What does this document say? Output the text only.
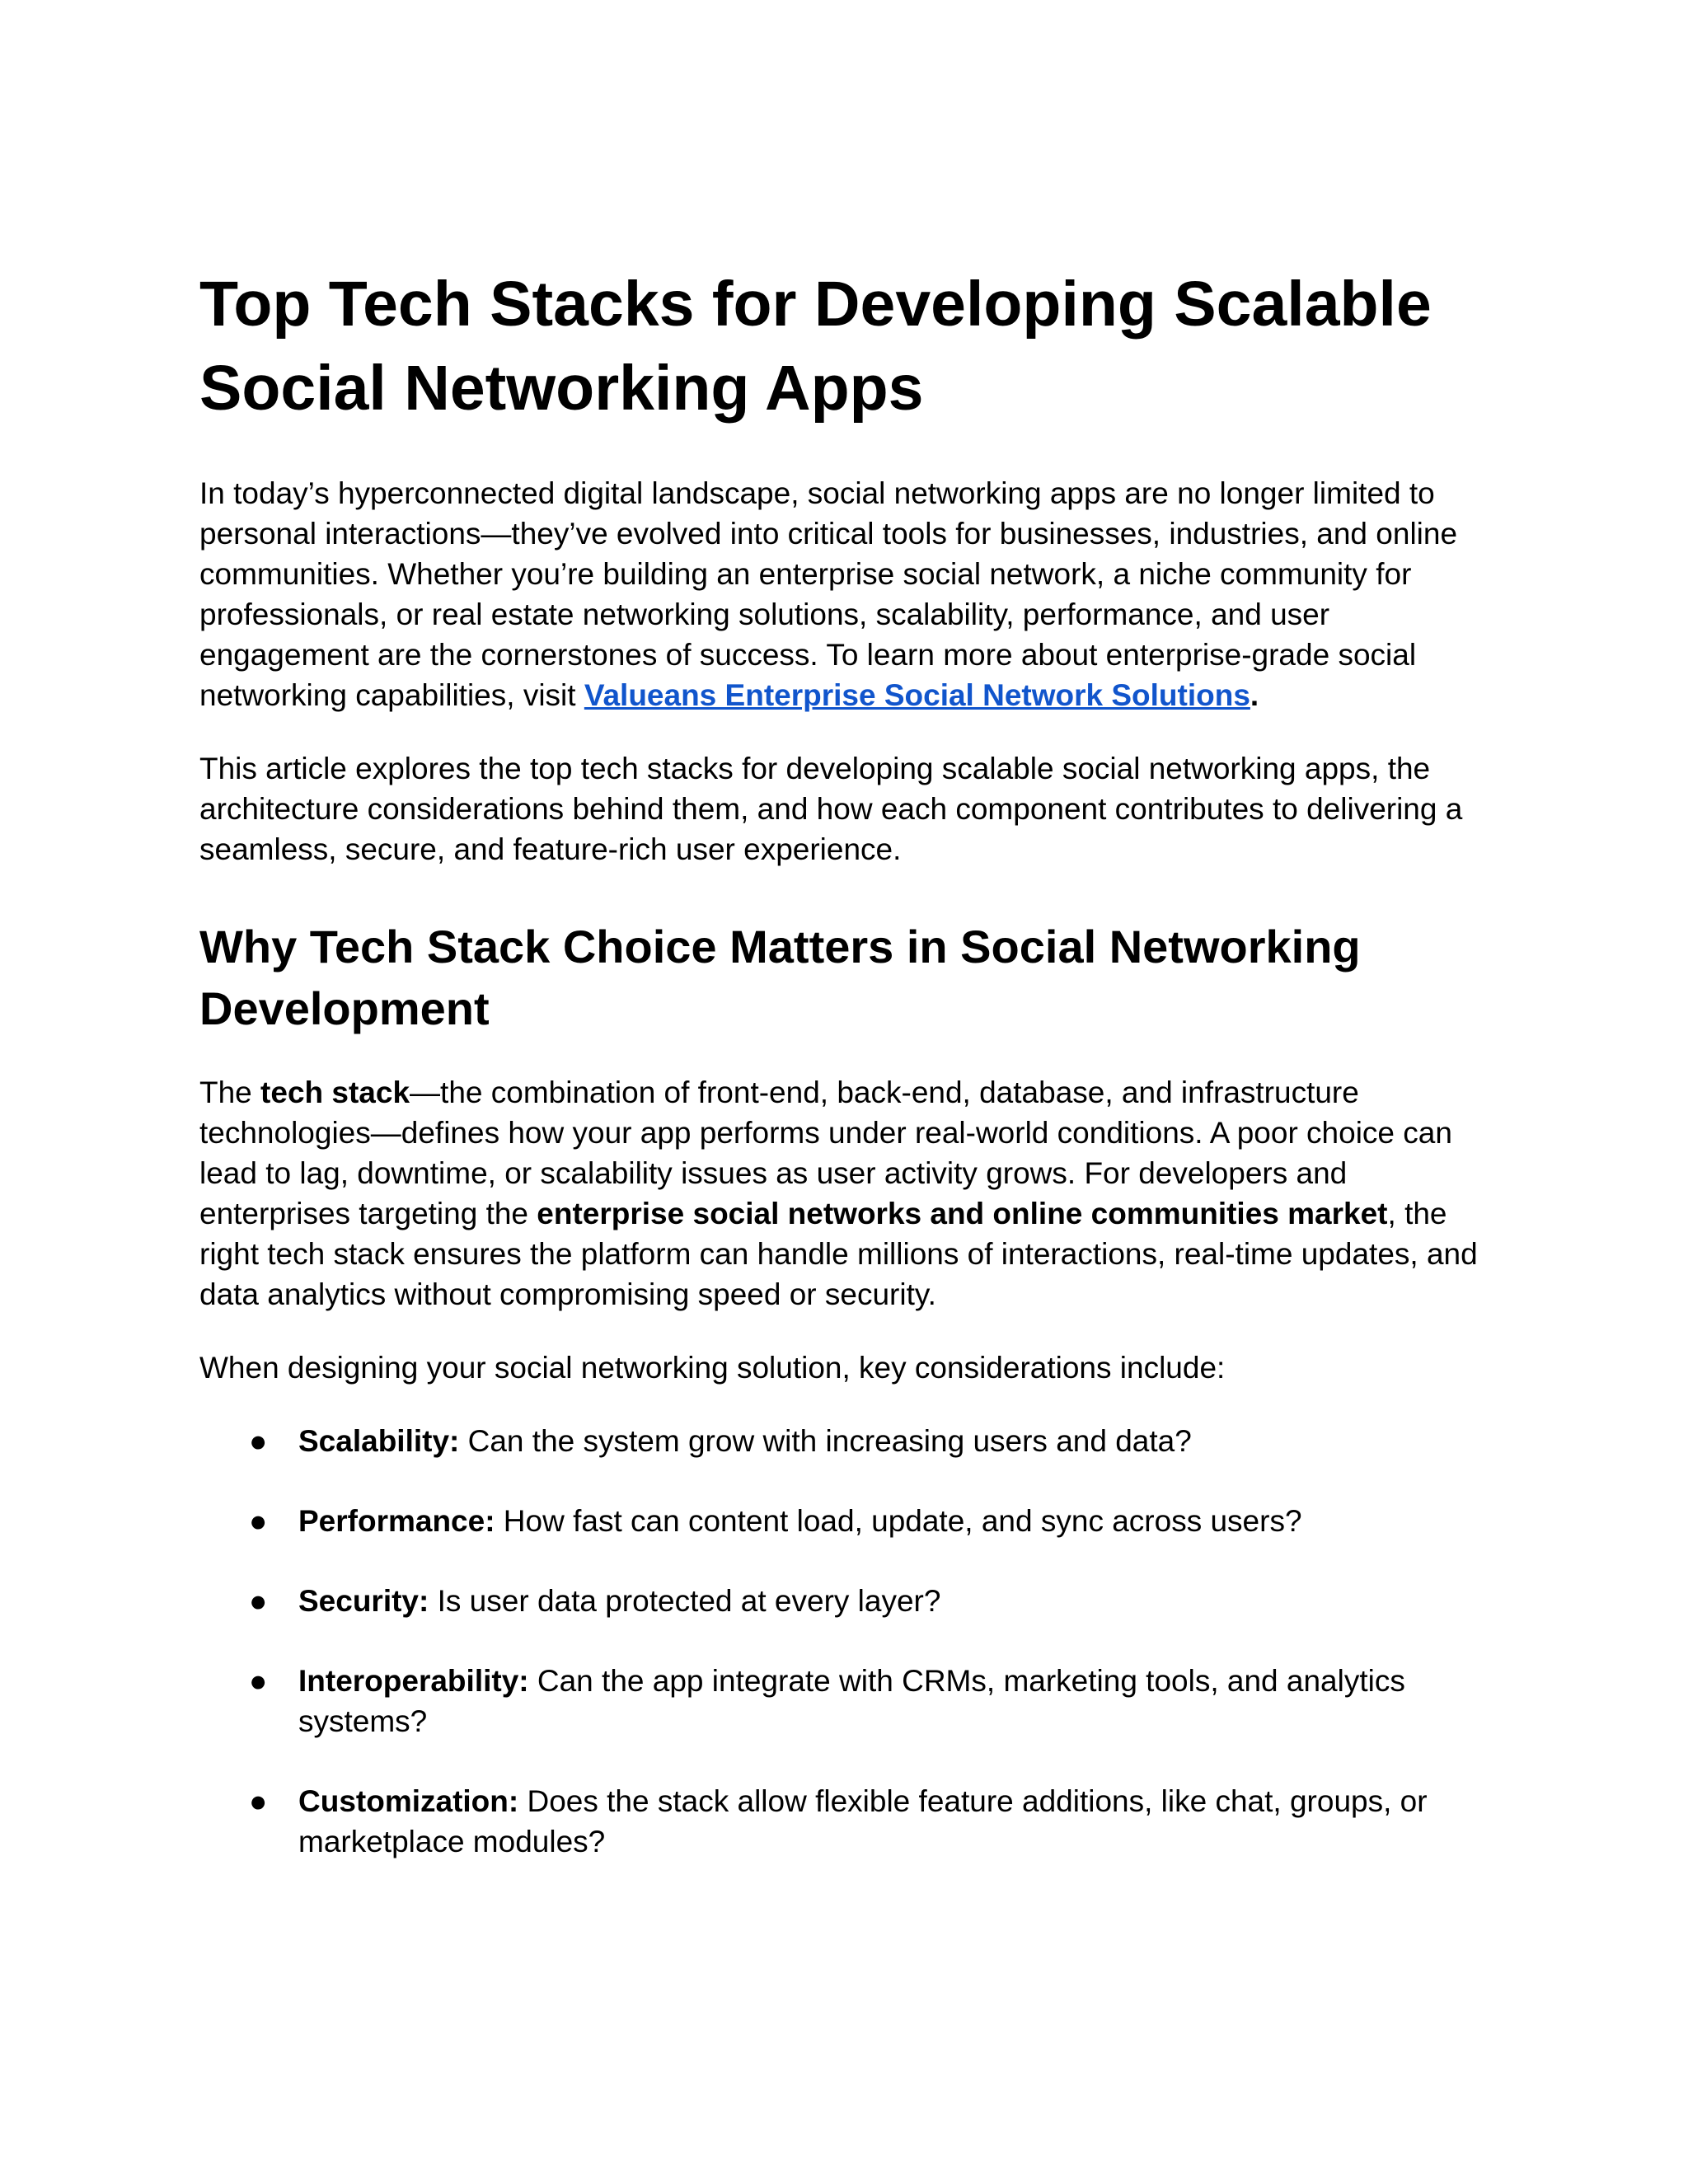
Top Tech Stacks for Developing Scalable Social Networking Apps

In today’s hyperconnected digital landscape, social networking apps are no longer limited to personal interactions—they’ve evolved into critical tools for businesses, industries, and online communities. Whether you’re building an enterprise social network, a niche community for professionals, or real estate networking solutions, scalability, performance, and user engagement are the cornerstones of success. To learn more about enterprise-grade social networking capabilities, visit Valueans Enterprise Social Network Solutions.

This article explores the top tech stacks for developing scalable social networking apps, the architecture considerations behind them, and how each component contributes to delivering a seamless, secure, and feature-rich user experience.

Why Tech Stack Choice Matters in Social Networking Development

The tech stack—the combination of front-end, back-end, database, and infrastructure technologies—defines how your app performs under real-world conditions. A poor choice can lead to lag, downtime, or scalability issues as user activity grows. For developers and enterprises targeting the enterprise social networks and online communities market, the right tech stack ensures the platform can handle millions of interactions, real-time updates, and data analytics without compromising speed or security.

When designing your social networking solution, key considerations include:

● Scalability: Can the system grow with increasing users and data?
● Performance: How fast can content load, update, and sync across users?
● Security: Is user data protected at every layer?
● Interoperability: Can the app integrate with CRMs, marketing tools, and analytics systems?
● Customization: Does the stack allow flexible feature additions, like chat, groups, or marketplace modules?
